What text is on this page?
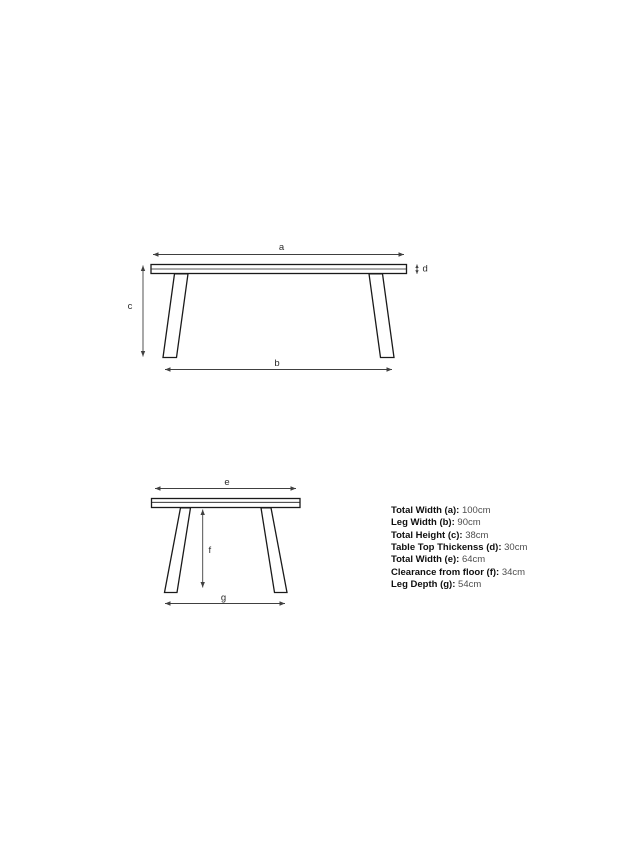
a
c
d
b
e
f
g
Total Width (a): 100cm
Leg Width (b): 90cm
Total Height (c): 38cm
Table Top Thickenss (d): 30cm
Total Width (e): 64cm
Clearance from floor (f): 34cm
Leg Depth (g): 54cm
